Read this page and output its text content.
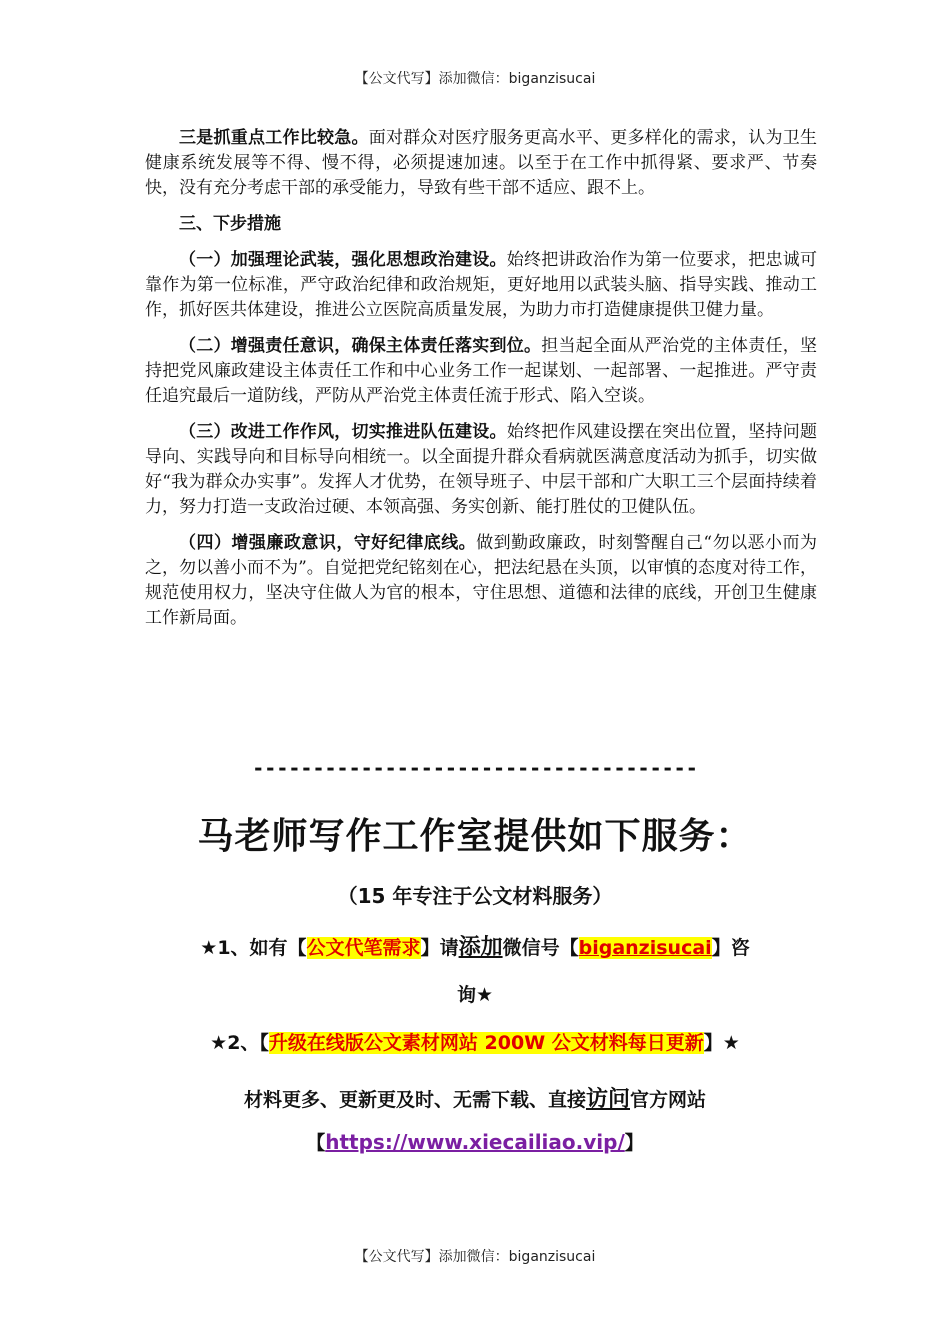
【公文代写】添加微信：biganzisucai

三是抓重点工作比较急。面对群众对医疗服务更高水平、更多样化的需求，认为卫生健康系统发展等不得、慢不得，必须提速加速。以至于在工作中抓得紧、要求严、节奏快，没有充分考虑干部的承受能力，导致有些干部不适应、跟不上。

三、下步措施

（一）加强理论武装，强化思想政治建设。始终把讲政治作为第一位要求，把忠诚可靠作为第一位标准，严守政治纪律和政治规矩，更好地用以武装头脑、指导实践、推动工作，抓好医共体建设，推进公立医院高质量发展，为助力市打造健康提供卫健力量。

（二）增强责任意识，确保主体责任落实到位。担当起全面从严治党的主体责任，坚持把党风廉政建设主体责任工作和中心业务工作一起谋划、一起部署、一起推进。严守责任追究最后一道防线，严防从严治党主体责任流于形式、陷入空谈。

（三）改进工作作风，切实推进队伍建设。始终把作风建设摆在突出位置，坚持问题导向、实践导向和目标导向相统一。以全面提升群众看病就医满意度活动为抓手，切实做好“我为群众办实事”。发挥人才优势，在领导班子、中层干部和广大职工三个层面持续着力，努力打造一支政治过硬、本领高强、务实创新、能打胜仗的卫健队伍。

（四）增强廉政意识，守好纪律底线。做到勤政廉政，时刻警醒自己“勿以恶小而为之，勿以善小而不为”。自觉把党纪铭刻在心，把法纪悬在头顶，以审慎的态度对待工作，规范使用权力，坚决守住做人为官的根本，守住思想、道德和法律的底线，开创卫生健康工作新局面。

-------------------------------------
马老师写作工作室提供如下服务：
（15 年专注于公文材料服务）
★1、如有【公文代笔需求】请添加微信号【biganzisucai】咨
询★
★2、【升级在线版公文素材网站 200W 公文材料每日更新】★
材料更多、更新更及时、无需下载、直接访问官方网站
【https://www.xiecailiao.vip/】
【公文代写】添加微信：biganzisucai
